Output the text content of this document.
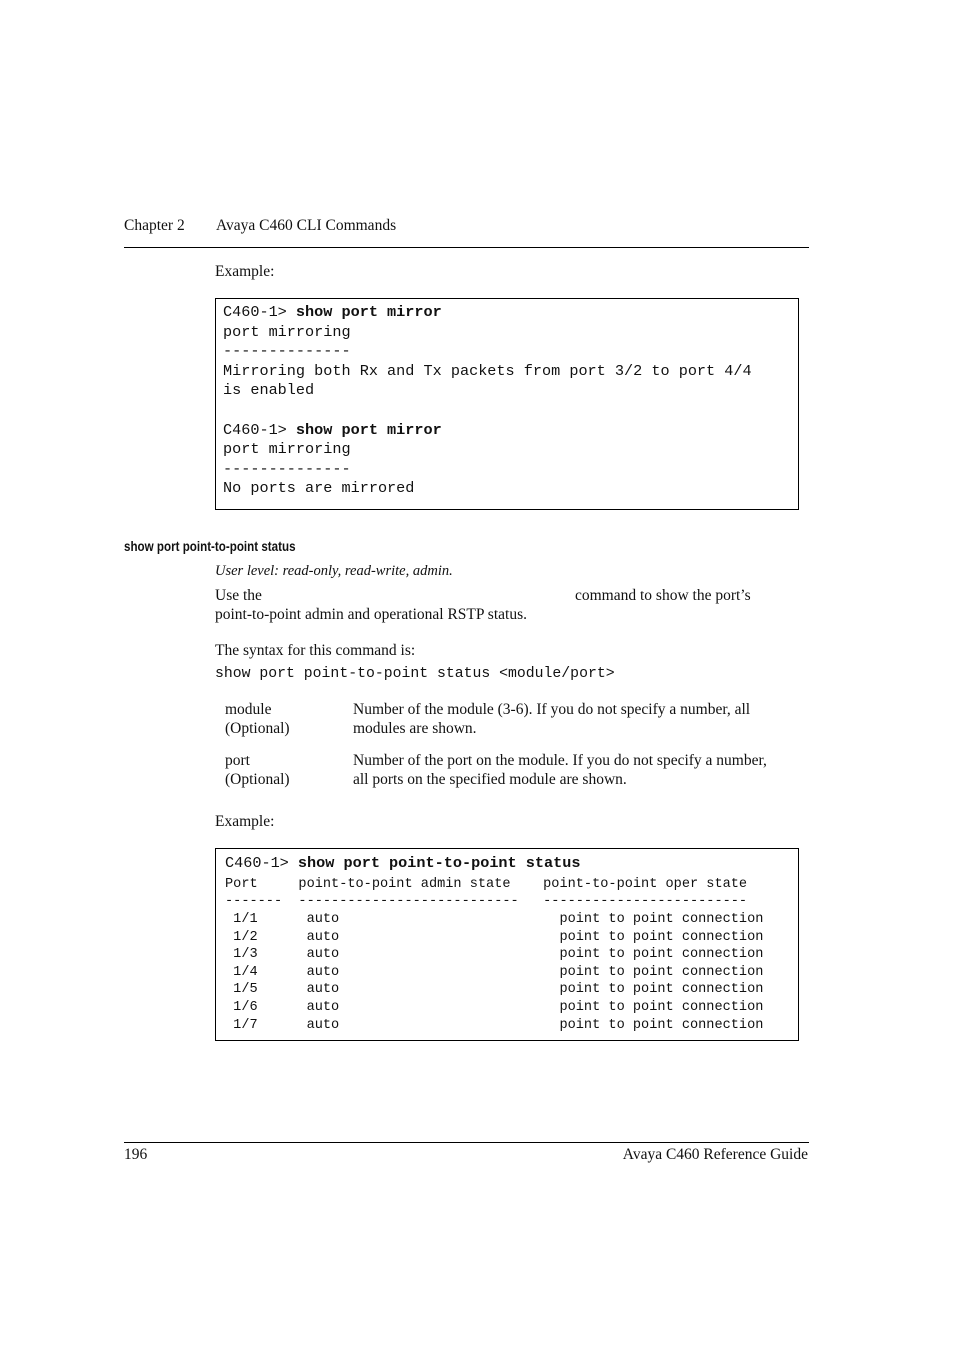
Chapter 2 Avaya C460 CLI Commands
Example:
C460-1> show port mirror
port mirroring
--------------
Mirroring both Rx and Tx packets from port 3/2 to port 4/4
is enabled

C460-1> show port mirror
port mirroring
--------------
No ports are mirrored
show port point-to-point status
User level: read-only, read-write, admin.
Use the	command to show the port’s
point-to-point admin and operational RSTP status.
The syntax for this command is:
show port point-to-point status <module/port>
module
(Optional)
Number of the module (3-6). If you do not specify a number, all modules are shown.
port
(Optional)
Number of the port on the module. If you do not specify a number, all ports on the specified module are shown.
Example:
C460-1> show port point-to-point status
Port     point-to-point admin state    point-to-point oper state
-------  ---------------------------   -------------------------
1/1      auto                           point to point connection
1/2      auto                           point to point connection
1/3      auto                           point to point connection
1/4      auto                           point to point connection
1/5      auto                           point to point connection
1/6      auto                           point to point connection
1/7      auto                           point to point connection
196	Avaya C460 Reference Guide
